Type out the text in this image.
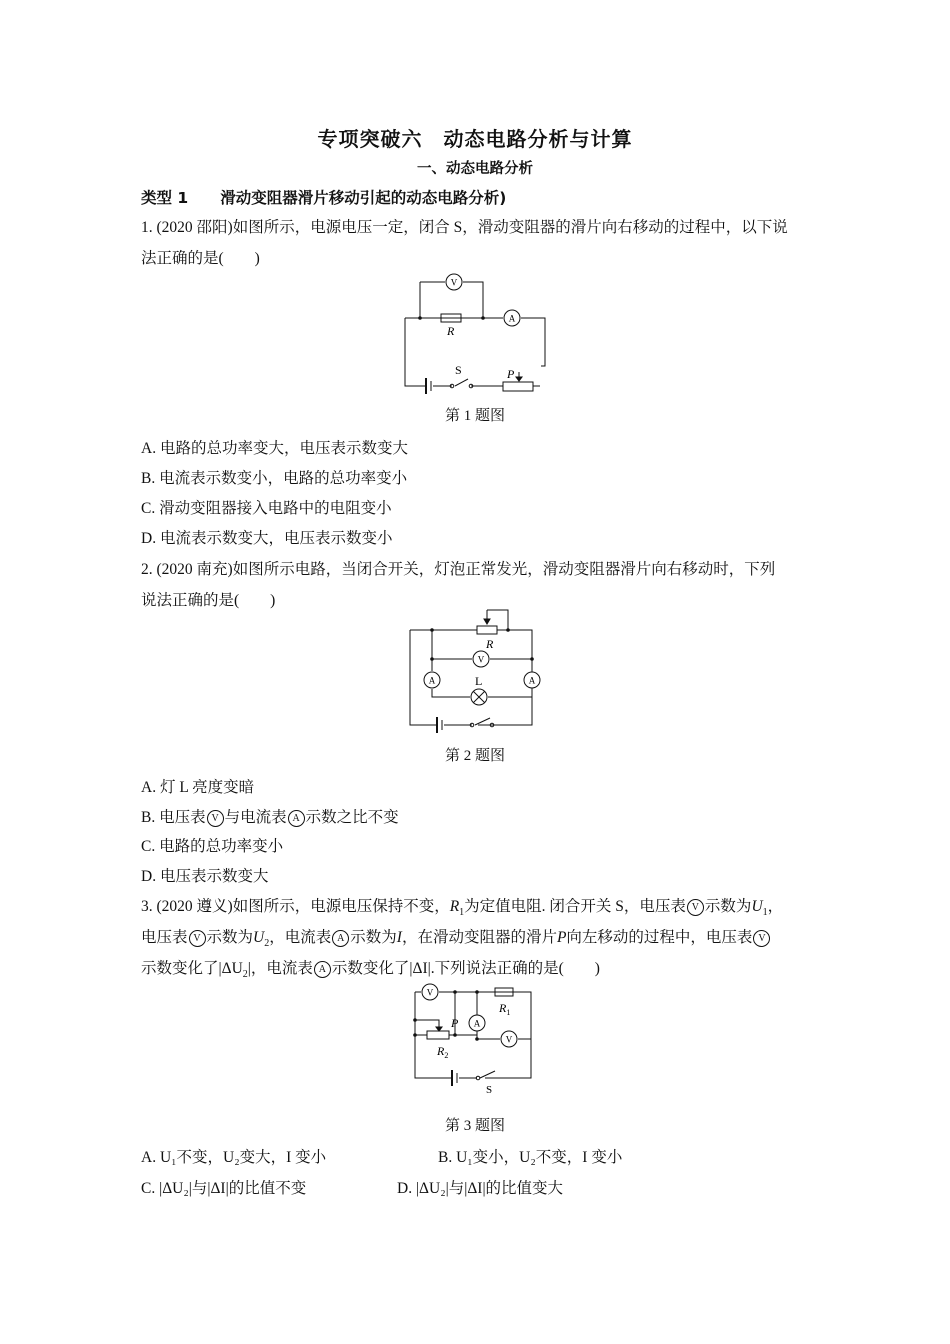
专项突破六　动态电路分析与计算
一、动态电路分析
类型 1 滑动变阻器滑片移动引起的动态电路分析)
1. (2020 邵阳)如图所示，电源电压一定，闭合 S，滑动变阻器的滑片向右移动的过程中，以下说
法正确的是(　　)
V
A
R
S	P
第 1 题图
A. 电路的总功率变大，电压表示数变大
B. 电流表示数变小，电路的总功率变小
C. 滑动变阻器接入电路中的电阻变小
D. 电流表示数变大，电压表示数变小
2. (2020 南充)如图所示电路，当闭合开关，灯泡正常发光，滑动变阻器滑片向右移动时，下列
说法正确的是(　　)
V
A	A
R
L
第 2 题图
A. 灯 L 亮度变暗
B. 电压表 V 与电流表 A 示数之比不变
C. 电路的总功率变小
D. 电压表示数变大
3. (2020 遵义)如图所示，电源电压保持不变，$R_1$为定值电阻. 闭合开关 S，电压表 V 示数为$U_1$，
电压表 V 示数为$U_2$，电流表 A 示数为I，在滑动变阻器的滑片P向左移动的过程中，电压表 V
示数变化了$|\Delta U_2|$，电流表 A 示数变化了|ΔI|.下列说法正确的是(　　)
V
A
V
$R_1$
$R_2$
P
S
第 3 题图
A. U₁不变，U₂变大，I 变小	B. U₁变小，U₂不变，I 变小
C. |ΔU₂|与|ΔI|的比值不变	D. |ΔU₂|与|ΔI|的比值变大
